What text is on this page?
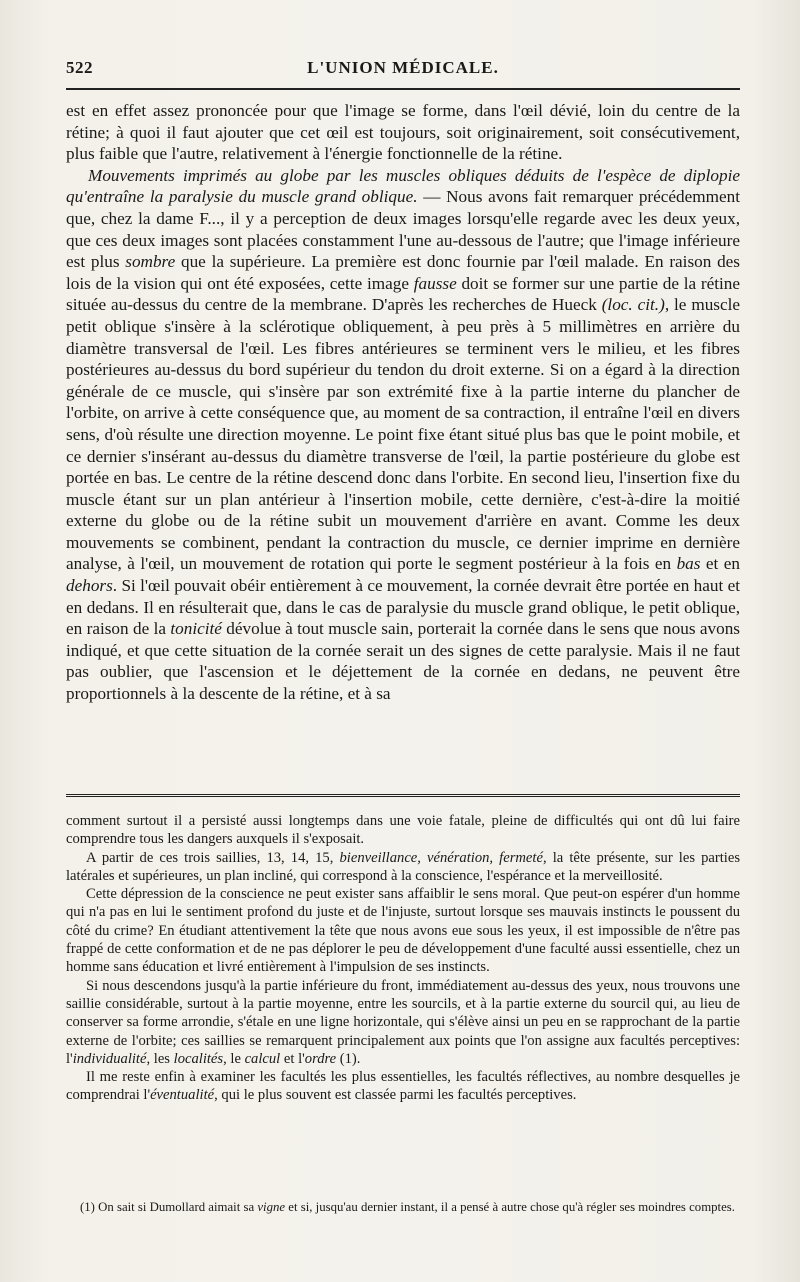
522	L'UNION MÉDICALE.

est en effet assez prononcée pour que l'image se forme, dans l'œil dévié, loin du centre de la rétine; à quoi il faut ajouter que cet œil est toujours, soit originairement, soit consécutivement, plus faible que l'autre, relativement à l'énergie fonctionnelle de la rétine.

Mouvements imprimés au globe par les muscles obliques déduits de l'espèce de diplopie qu'entraîne la paralysie du muscle grand oblique. — Nous avons fait remarquer précédemment que, chez la dame F..., il y a perception de deux images lorsqu'elle regarde avec les deux yeux, que ces deux images sont placées constamment l'une au-dessous de l'autre; que l'image inférieure est plus sombre que la supérieure. La première est donc fournie par l'œil malade. En raison des lois de la vision qui ont été exposées, cette image fausse doit se former sur une partie de la rétine située au-dessus du centre de la membrane. D'après les recherches de Hueck (loc. cit.), le muscle petit oblique s'insère à la sclérotique obliquement, à peu près à 5 millimètres en arrière du diamètre transversal de l'œil. Les fibres antérieures se terminent vers le milieu, et les fibres postérieures au-dessus du bord supérieur du tendon du droit externe. Si on a égard à la direction générale de ce muscle, qui s'insère par son extrémité fixe à la partie interne du plancher de l'orbite, on arrive à cette conséquence que, au moment de sa contraction, il entraîne l'œil en divers sens, d'où résulte une direction moyenne. Le point fixe étant situé plus bas que le point mobile, et ce dernier s'insérant au-dessus du diamètre transverse de l'œil, la partie postérieure du globe est portée en bas. Le centre de la rétine descend donc dans l'orbite. En second lieu, l'insertion fixe du muscle étant sur un plan antérieur à l'insertion mobile, cette dernière, c'est-à-dire la moitié externe du globe ou de la rétine subit un mouvement d'arrière en avant. Comme les deux mouvements se combinent, pendant la contraction du muscle, ce dernier imprime en dernière analyse, à l'œil, un mouvement de rotation qui porte le segment postérieur à la fois en bas et en dehors. Si l'œil pouvait obéir entièrement à ce mouvement, la cornée devrait être portée en haut et en dedans. Il en résulterait que, dans le cas de paralysie du muscle grand oblique, le petit oblique, en raison de la tonicité dévolue à tout muscle sain, porterait la cornée dans le sens que nous avons indiqué, et que cette situation de la cornée serait un des signes de cette paralysie. Mais il ne faut pas oublier, que l'ascension et le déjettement de la cornée en dedans, ne peuvent être proportionnels à la descente de la rétine, et à sa

comment surtout il a persisté aussi longtemps dans une voie fatale, pleine de difficultés qui ont dû lui faire comprendre tous les dangers auxquels il s'exposait.

A partir de ces trois saillies, 13, 14, 15, bienveillance, vénération, fermeté, la tête présente, sur les parties latérales et supérieures, un plan incliné, qui correspond à la conscience, l'espérance et la merveillosité.

Cette dépression de la conscience ne peut exister sans affaiblir le sens moral. Que peut-on espérer d'un homme qui n'a pas en lui le sentiment profond du juste et de l'injuste, surtout lorsque ses mauvais instincts le poussent du côté du crime? En étudiant attentivement la tête que nous avons eue sous les yeux, il est impossible de n'être pas frappé de cette conformation et de ne pas déplorer le peu de développement d'une faculté aussi essentielle, chez un homme sans éducation et livré entièrement à l'impulsion de ses instincts.

Si nous descendons jusqu'à la partie inférieure du front, immédiatement au-dessus des yeux, nous trouvons une saillie considérable, surtout à la partie moyenne, entre les sourcils, et à la partie externe du sourcil qui, au lieu de conserver sa forme arrondie, s'étale en une ligne horizontale, qui s'élève ainsi un peu en se rapprochant de la partie externe de l'orbite; ces saillies se remarquent principalement aux points que l'on assigne aux facultés perceptives: l'individualité, les localités, le calcul et l'ordre (1).

Il me reste enfin à examiner les facultés les plus essentielles, les facultés réflectives, au nombre desquelles je comprendrai l'éventualité, qui le plus souvent est classée parmi les facultés perceptives.

(1) On sait si Dumollard aimait sa vigne et si, jusqu'au dernier instant, il a pensé à autre chose qu'à régler ses moindres comptes.
